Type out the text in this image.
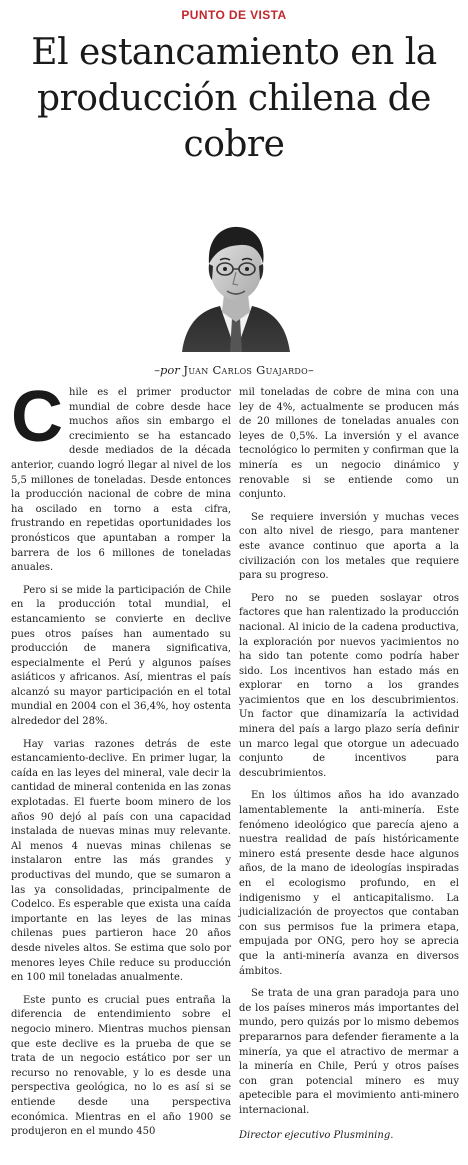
PUNTO DE VISTA
El estancamiento en la
producción chilena de
cobre
–por Juan Carlos Guajardo–

Chile es el primer productor mundial de cobre desde hace muchos años sin embargo el crecimiento se ha estancado desde mediados de la década anterior, cuando logró llegar al nivel de los 5,5 millones de toneladas. Desde entonces la producción nacional de cobre de mina ha oscilado en torno a esta cifra, frustrando en repetidas oportunidades los pronósticos que apuntaban a romper la barrera de los 6 millones de toneladas anuales.

Pero si se mide la participación de Chile en la producción total mundial, el estancamiento se convierte en declive pues otros países han aumentado su producción de manera significativa, especialmente el Perú y algunos países asiáticos y africanos. Así, mientras el país alcanzó su mayor participación en el total mundial en 2004 con el 36,4%, hoy ostenta alrededor del 28%.

Hay varias razones detrás de este estancamiento-declive. En primer lugar, la caída en las leyes del mineral, vale decir la cantidad de mineral contenida en las zonas explotadas. El fuerte boom minero de los años 90 dejó al país con una capacidad instalada de nuevas minas muy relevante. Al menos 4 nuevas minas chilenas se instalaron entre las más grandes y productivas del mundo, que se sumaron a las ya consolidadas, principalmente de Codelco. Es esperable que exista una caída importante en las leyes de las minas chilenas pues partieron hace 20 años desde niveles altos. Se estima que solo por menores leyes Chile reduce su producción en 100 mil toneladas anualmente.

Este punto es crucial pues entraña la diferencia de entendimiento sobre el negocio minero. Mientras muchos piensan que este declive es la prueba de que se trata de un negocio estático por ser un recurso no renovable, y lo es desde una perspectiva geológica, no lo es así si se entiende desde una perspectiva económica. Mientras en el año 1900 se produjeron en el mundo 450

mil toneladas de cobre de mina con una ley de 4%, actualmente se producen más de 20 millones de toneladas anuales con leyes de 0,5%. La inversión y el avance tecnológico lo permiten y confirman que la minería es un negocio dinámico y renovable si se entiende como un conjunto.

Se requiere inversión y muchas veces con alto nivel de riesgo, para mantener este avance continuo que aporta a la civilización con los metales que requiere para su progreso.

Pero no se pueden soslayar otros factores que han ralentizado la producción nacional. Al inicio de la cadena productiva, la exploración por nuevos yacimientos no ha sido tan potente como podría haber sido. Los incentivos han estado más en explorar en torno a los grandes yacimientos que en los descubrimientos. Un factor que dinamizaría la actividad minera del país a largo plazo sería definir un marco legal que otorgue un adecuado conjunto de incentivos para descubrimientos.

En los últimos años ha ido avanzado lamentablemente la anti-minería. Este fenómeno ideológico que parecía ajeno a nuestra realidad de país históricamente minero está presente desde hace algunos años, de la mano de ideologías inspiradas en el ecologismo profundo, en el indigenismo y el anticapitalismo. La judicialización de proyectos que contaban con sus permisos fue la primera etapa, empujada por ONG, pero hoy se aprecia que la anti-minería avanza en diversos ámbitos.

Se trata de una gran paradoja para uno de los países mineros más importantes del mundo, pero quizás por lo mismo debemos prepararnos para defender fieramente a la minería, ya que el atractivo de mermar a la minería en Chile, Perú y otros países con gran potencial minero es muy apetecible para el movimiento anti-minero internacional.

Director ejecutivo Plusmining.
